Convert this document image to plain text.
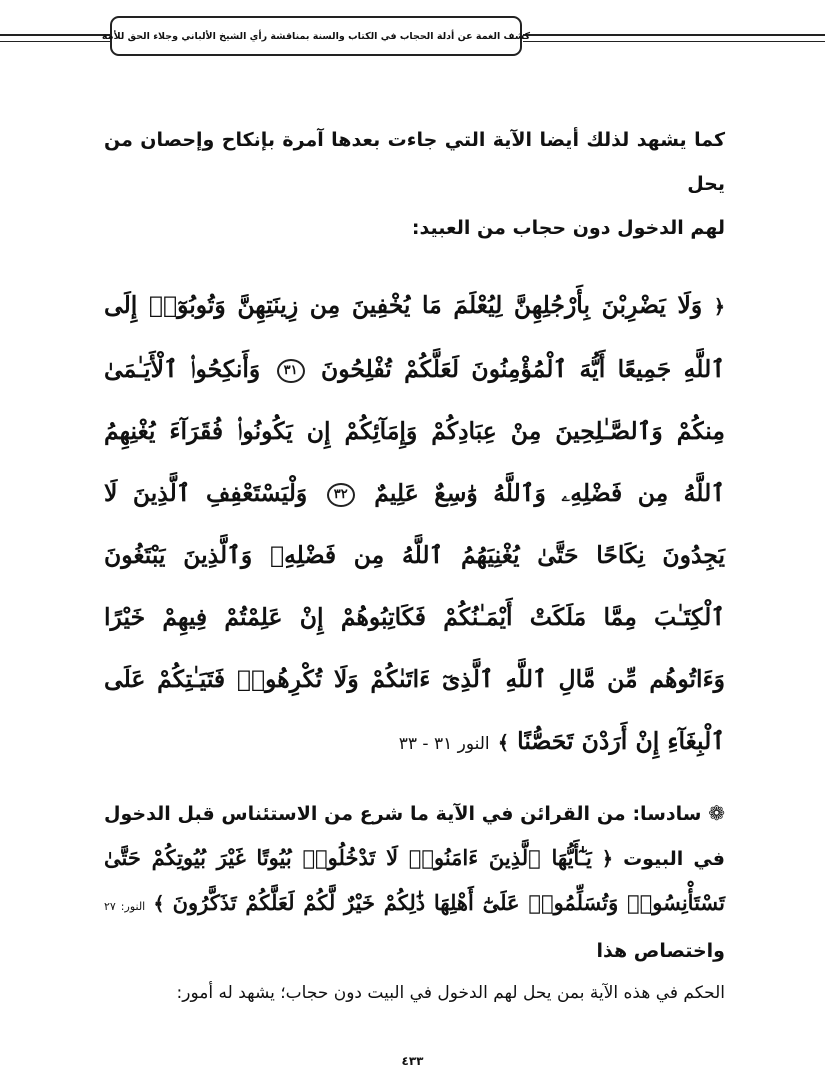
كشف الغمة عن أدلة الحجاب في الكتاب والسنة بمناقشة رأي الشيخ الألباني وجلاء الحق للأمة

كما يشهد لذلك أيضا الآية التي جاءت بعدها آمرة بإنكاح وإحصان من يحل
لهم الدخول دون حجاب من العبيد:

﴿ وَلَا يَضْرِبْنَ بِأَرْجُلِهِنَّ لِيُعْلَمَ مَا يُخْفِينَ مِن زِينَتِهِنَّ وَتُوبُوٓا۟ إِلَى ٱللَّهِ جَمِيعًا أَيُّهَ ٱلْمُؤْمِنُونَ لَعَلَّكُمْ تُفْلِحُونَ ٣١ وَأَنكِحُوا۟ ٱلْأَيَـٰمَىٰ مِنكُمْ وَٱلصَّـٰلِحِينَ مِنْ عِبَادِكُمْ وَإِمَآئِكُمْ إِن يَكُونُوا۟ فُقَرَآءَ يُغْنِهِمُ ٱللَّهُ مِن فَضْلِهِۦ وَٱللَّهُ وَٰسِعٌ عَلِيمٌ ٣٢ وَلْيَسْتَعْفِفِ ٱلَّذِينَ لَا يَجِدُونَ نِكَاحًا حَتَّىٰ يُغْنِيَهُمُ ٱللَّهُ مِن فَضْلِهِۦ وَٱلَّذِينَ يَبْتَغُونَ ٱلْكِتَـٰبَ مِمَّا مَلَكَتْ أَيْمَـٰنُكُمْ فَكَاتِبُوهُمْ إِنْ عَلِمْتُمْ فِيهِمْ خَيْرًا وَءَاتُوهُم مِّن مَّالِ ٱللَّهِ ٱلَّذِىٓ ءَاتَىٰكُمْ وَلَا تُكْرِهُوا۟ فَتَيَـٰتِكُمْ عَلَى ٱلْبِغَآءِ إِنْ أَرَدْنَ تَحَصُّنًا ﴾ النور ٣١ - ٣٣

❁ سادسا: من القرائن في الآية ما شرع من الاستئناس قبل الدخول في البيوت ﴿ يَـٰٓأَيُّهَا ٱلَّذِينَ ءَامَنُوا۟ لَا تَدْخُلُوا۟ بُيُوتًا غَيْرَ بُيُوتِكُمْ حَتَّىٰ تَسْتَأْنِسُوا۟ وَتُسَلِّمُوا۟ عَلَىٰٓ أَهْلِهَا ذَٰلِكُمْ خَيْرٌ لَّكُمْ لَعَلَّكُمْ تَذَكَّرُونَ ﴾ النور: ٢٧ واختصاص هذا

الحكم في هذه الآية بمن يحل لهم الدخول في البيت دون حجاب؛ يشهد له أمور:

٤٣٣
